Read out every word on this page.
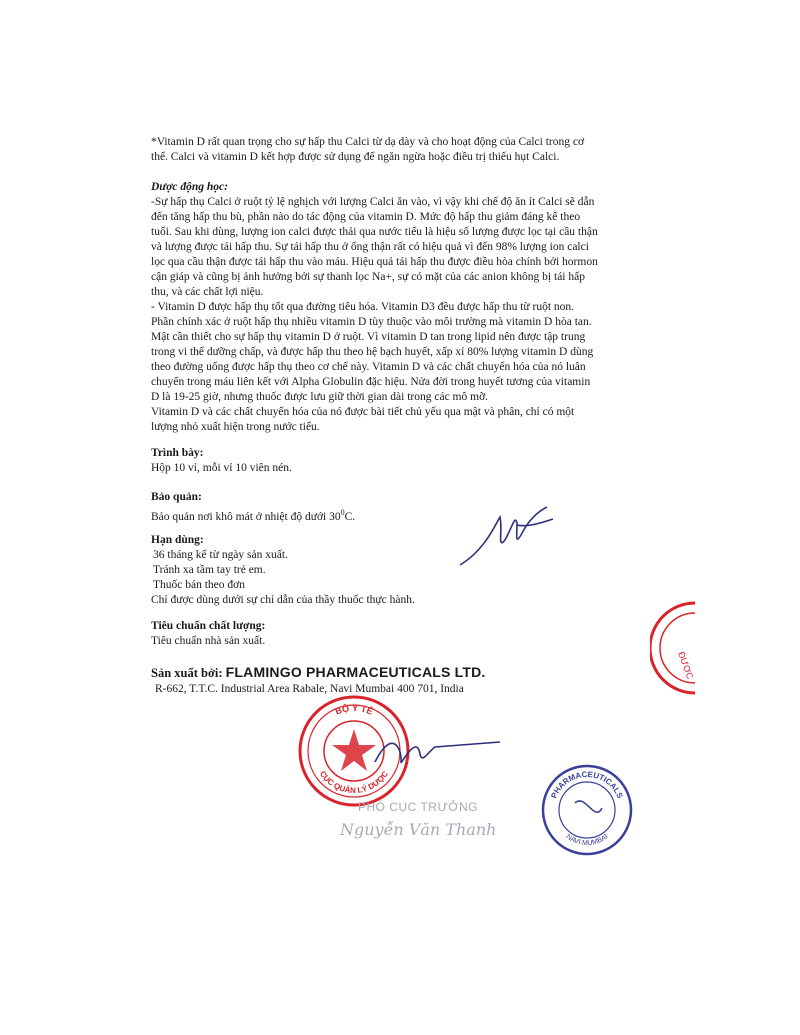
*Vitamin D rất quan trọng cho sự hấp thu Calci từ dạ dày và cho hoạt động của Calci trong cơ
thể. Calci và vitamin D kết hợp được sử dụng để ngăn ngừa hoặc điều trị thiếu hụt Calci.

Dược động học:

-Sự hấp thụ Calci ở ruột tỷ lệ nghịch với lượng Calci ăn vào, vì vậy khi chế độ ăn ít Calci sẽ dẫn
đến tăng hấp thu bù, phần nào do tác động của vitamin D. Mức độ hấp thu giảm đáng kể theo
tuổi. Sau khi dùng, lượng ion calci được thải qua nước tiểu là hiệu số lượng được lọc tại cầu thận
và lượng được tái hấp thu. Sự tái hấp thu ở ống thận rất có hiệu quả vì đến 98% lượng ion calci
lọc qua cầu thận được tái hấp thu vào máu. Hiệu quả tái hấp thu được điều hòa chính bởi hormon
cận giáp và cũng bị ảnh hưởng bởi sự thanh lọc Na+, sự có mặt của các anion không bị tái hấp
thu, và các chất lợi niệu.
- Vitamin D được hấp thụ tốt qua đường tiêu hóa. Vitamin D3 đều được hấp thu từ ruột non.
Phần chính xác ở ruột hấp thụ nhiều vitamin D tùy thuộc vào môi trường mà vitamin D hòa tan.
Mật cần thiết cho sự hấp thụ vitamin D ở ruột. Vì vitamin D tan trong lipid nên được tập trung
trong vi thể dưỡng chấp, và được hấp thu theo hệ bạch huyết, xấp xỉ 80% lượng vitamin D dùng
theo đường uống được hấp thụ theo cơ chế này. Vitamin D và các chất chuyển hóa của nó luân
chuyển trong máu liên kết với Alpha Globulin đặc hiệu. Nửa đời trong huyết tương của vitamin
D là 19-25 giờ, nhưng thuốc được lưu giữ thời gian dài trong các mô mỡ.
Vitamin D và các chất chuyển hóa của nó được bài tiết chủ yếu qua mật và phân, chỉ có một
lượng nhỏ xuất hiện trong nước tiểu.

Trình bày:

Hộp 10 vỉ, mỗi vỉ 10 viên nén.

Bảo quản:

Bảo quản nơi khô mát ở nhiệt độ dưới $30^0C$.

Hạn dùng:

36 tháng kể từ ngày sản xuất.
Tránh xa tầm tay trẻ em.
Thuốc bán theo đơn
Chỉ được dùng dưới sự chỉ dẫn của thầy thuốc thực hành.

Tiêu chuẩn chất lượng:

Tiêu chuẩn nhà sản xuất.
Sản xuất bởi: FLAMINGO PHARMACEUTICALS LTD.
R-662, T.T.C. Industrial Area Rabale, Navi Mumbai 400 701, India
ĐƯỢC
BỘ Y TẾ
CỤC QUẢN LÝ DƯỢC
PHARMACEUTICALS
NAVI MUMBAI
PHÓ CỤC TRƯỞNG
Nguyễn Văn Thanh
